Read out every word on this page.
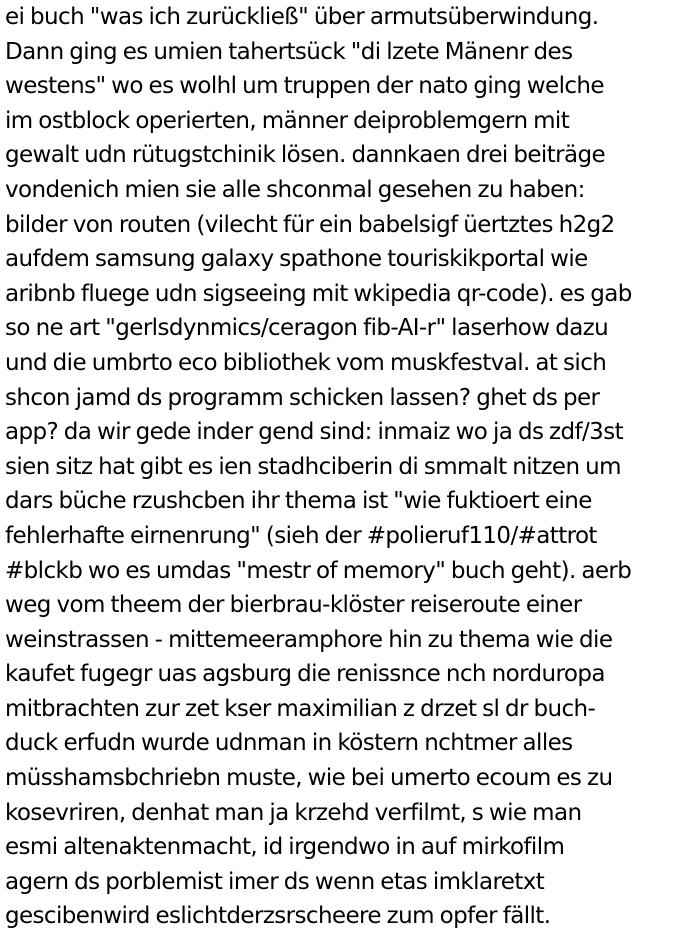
ei buch "was ich zurückließ" über armutsüberwindung.
Dann ging es umien tahertsück "di lzete Mänenr des
westens" wo es wolhl um truppen der nato ging welche
im ostblock operierten, männer deiproblemgern mit
gewalt udn rütugstchinik lösen. dannkaen drei beiträge
vondenich mien sie alle shconmal gesehen zu haben:
bilder von routen (vilecht für ein babelsigf üertztes h2g2
aufdem samsung galaxy spathone touriskikportal wie
aribnb fluege udn sigseeing mit wkipedia qr-code). es gab
so ne art "gerlsdynmics/ceragon fib-AI-r" laserhow dazu
und die umbrto eco bibliothek vom muskfestval. at sich
shcon jamd ds programm schicken lassen? ghet ds per
app? da wir gede inder gend sind: inmaiz wo ja ds zdf/3st
sien sitz hat gibt es ien stadhciberin di smmalt nitzen um
dars büche rzushcben ihr thema ist "wie fuktioert eine
fehlerhafte eirnenrung" (sieh der #polieruf110/#attrot
#blckb wo es umdas "mestr of memory" buch geht). aerb
weg vom theem der bierbrau-klöster reiseroute einer
weinstrassen - mittemeeramphore hin zu thema wie die
kaufet fugegr uas agsburg die renissnce nch norduropa
mitbrachten zur zet kser maximilian z drzet sl dr buch-
duck erfudn wurde udnman in köstern nchtmer alles
müsshamsbchriebn muste, wie bei umerto ecoum es zu
kosevriren, denhat man ja krzehd verfilmt, s wie man
esmi altenaktenmacht, id irgendwo in auf mirkofilm
agern ds porblemist imer ds wenn etas imklaretxt
gescibenwird eslichtderzsrscheere zum opfer fällt.
